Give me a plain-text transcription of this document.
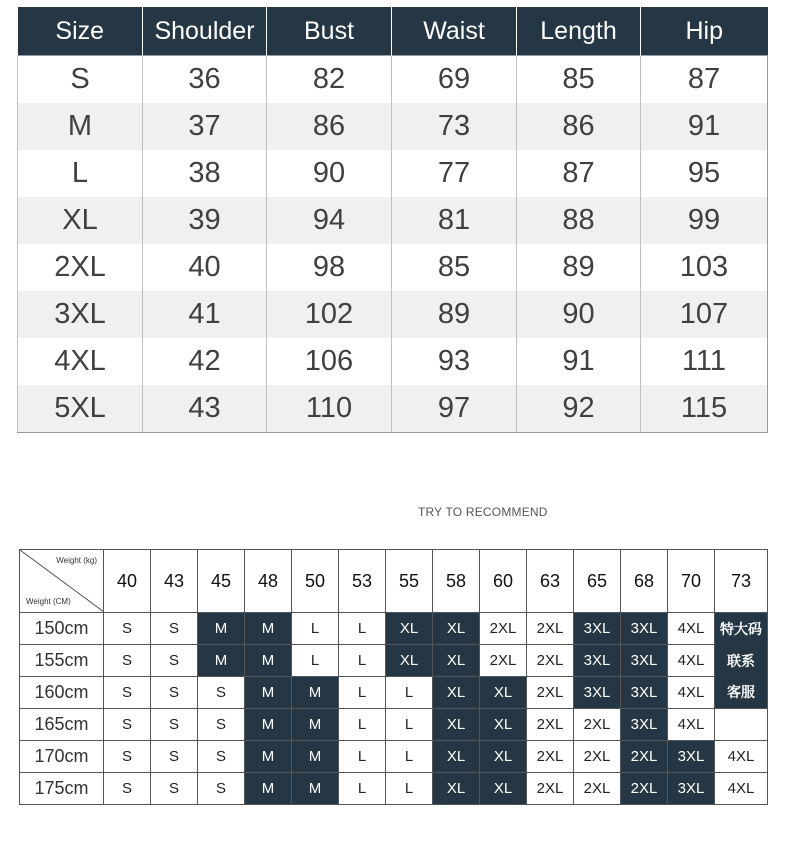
Size	Shoulder	Bust	Waist	Length	Hip
S	36	82	69	85	87
M	37	86	73	86	91
L	38	90	77	87	95
XL	39	94	81	88	99
2XL	40	98	85	89	103
3XL	41	102	89	90	107
4XL	42	106	93	91	111
5XL	43	110	97	92	115
TRY TO RECOMMEND
Weight (kg)
Weight (CM)	40	43	45	48	50	53	55	58	60	63	65	68	70	73
150cm	S	S	M	M	L	L	XL	XL	2XL	2XL	3XL	3XL	4XL	特大码
155cm	S	S	M	M	L	L	XL	XL	2XL	2XL	3XL	3XL	4XL	联系
160cm	S	S	S	M	M	L	L	XL	XL	2XL	3XL	3XL	4XL	客服
165cm	S	S	S	M	M	L	L	XL	XL	2XL	2XL	3XL	4XL	
170cm	S	S	S	M	M	L	L	XL	XL	2XL	2XL	2XL	3XL	4XL
175cm	S	S	S	M	M	L	L	XL	XL	2XL	2XL	2XL	3XL	4XL
